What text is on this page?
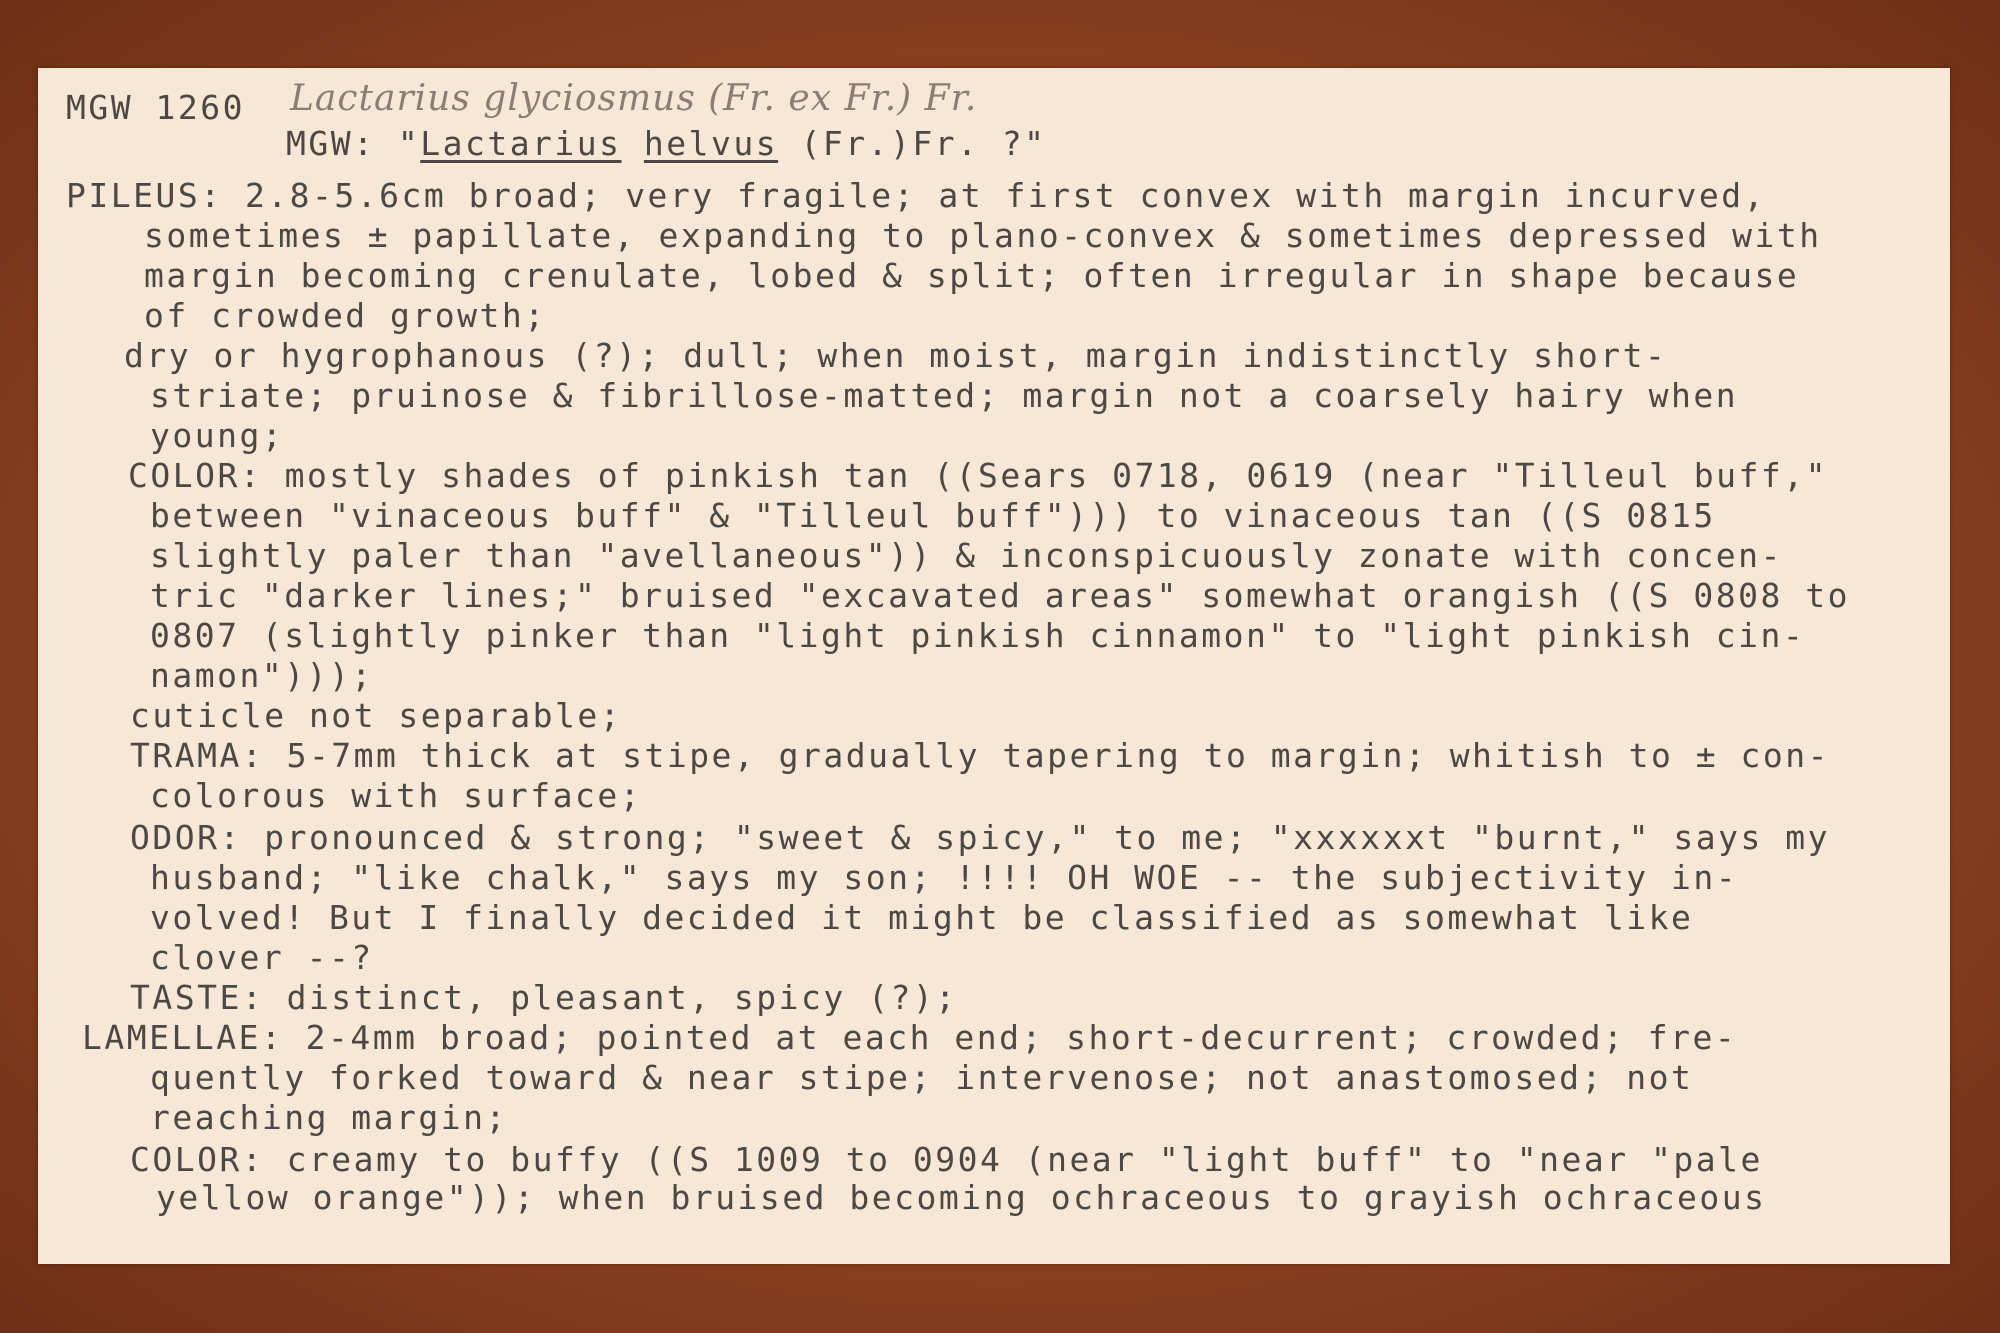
MGW 1260 Lactarius glyciosmus (Fr. ex Fr.) Fr.
MGW: "Lactarius helvus (Fr.)Fr. ?"
PILEUS: 2.8-5.6cm broad; very fragile; at first convex with margin incurved,
sometimes ± papillate, expanding to plano-convex & sometimes depressed with
margin becoming crenulate, lobed & split; often irregular in shape because
of crowded growth;
dry or hygrophanous (?); dull; when moist, margin indistinctly short-
striate; pruinose & fibrillose-matted; margin not a coarsely hairy when
young;
COLOR: mostly shades of pinkish tan ((Sears 0718, 0619 (near "Tilleul buff,"
between "vinaceous buff" & "Tilleul buff"))) to vinaceous tan ((S 0815
slightly paler than "avellaneous")) & inconspicuously zonate with concen-
tric "darker lines;" bruised "excavated areas" somewhat orangish ((S 0808 to
0807 (slightly pinker than "light pinkish cinnamon" to "light pinkish cin-
namon")));
cuticle not separable;
TRAMA: 5-7mm thick at stipe, gradually tapering to margin; whitish to ± con-
colorous with surface;
ODOR: pronounced & strong; "sweet & spicy," to me; "xxxxxxt "burnt," says my
husband; "like chalk," says my son; !!!! OH WOE -- the subjectivity in-
volved! But I finally decided it might be classified as somewhat like
clover --?
TASTE: distinct, pleasant, spicy (?);
LAMELLAE: 2-4mm broad; pointed at each end; short-decurrent; crowded; fre-
quently forked toward & near stipe; intervenose; not anastomosed; not
reaching margin;
COLOR: creamy to buffy ((S 1009 to 0904 (near "light buff" to "near "pale
yellow orange")); when bruised becoming ochraceous to grayish ochraceous
